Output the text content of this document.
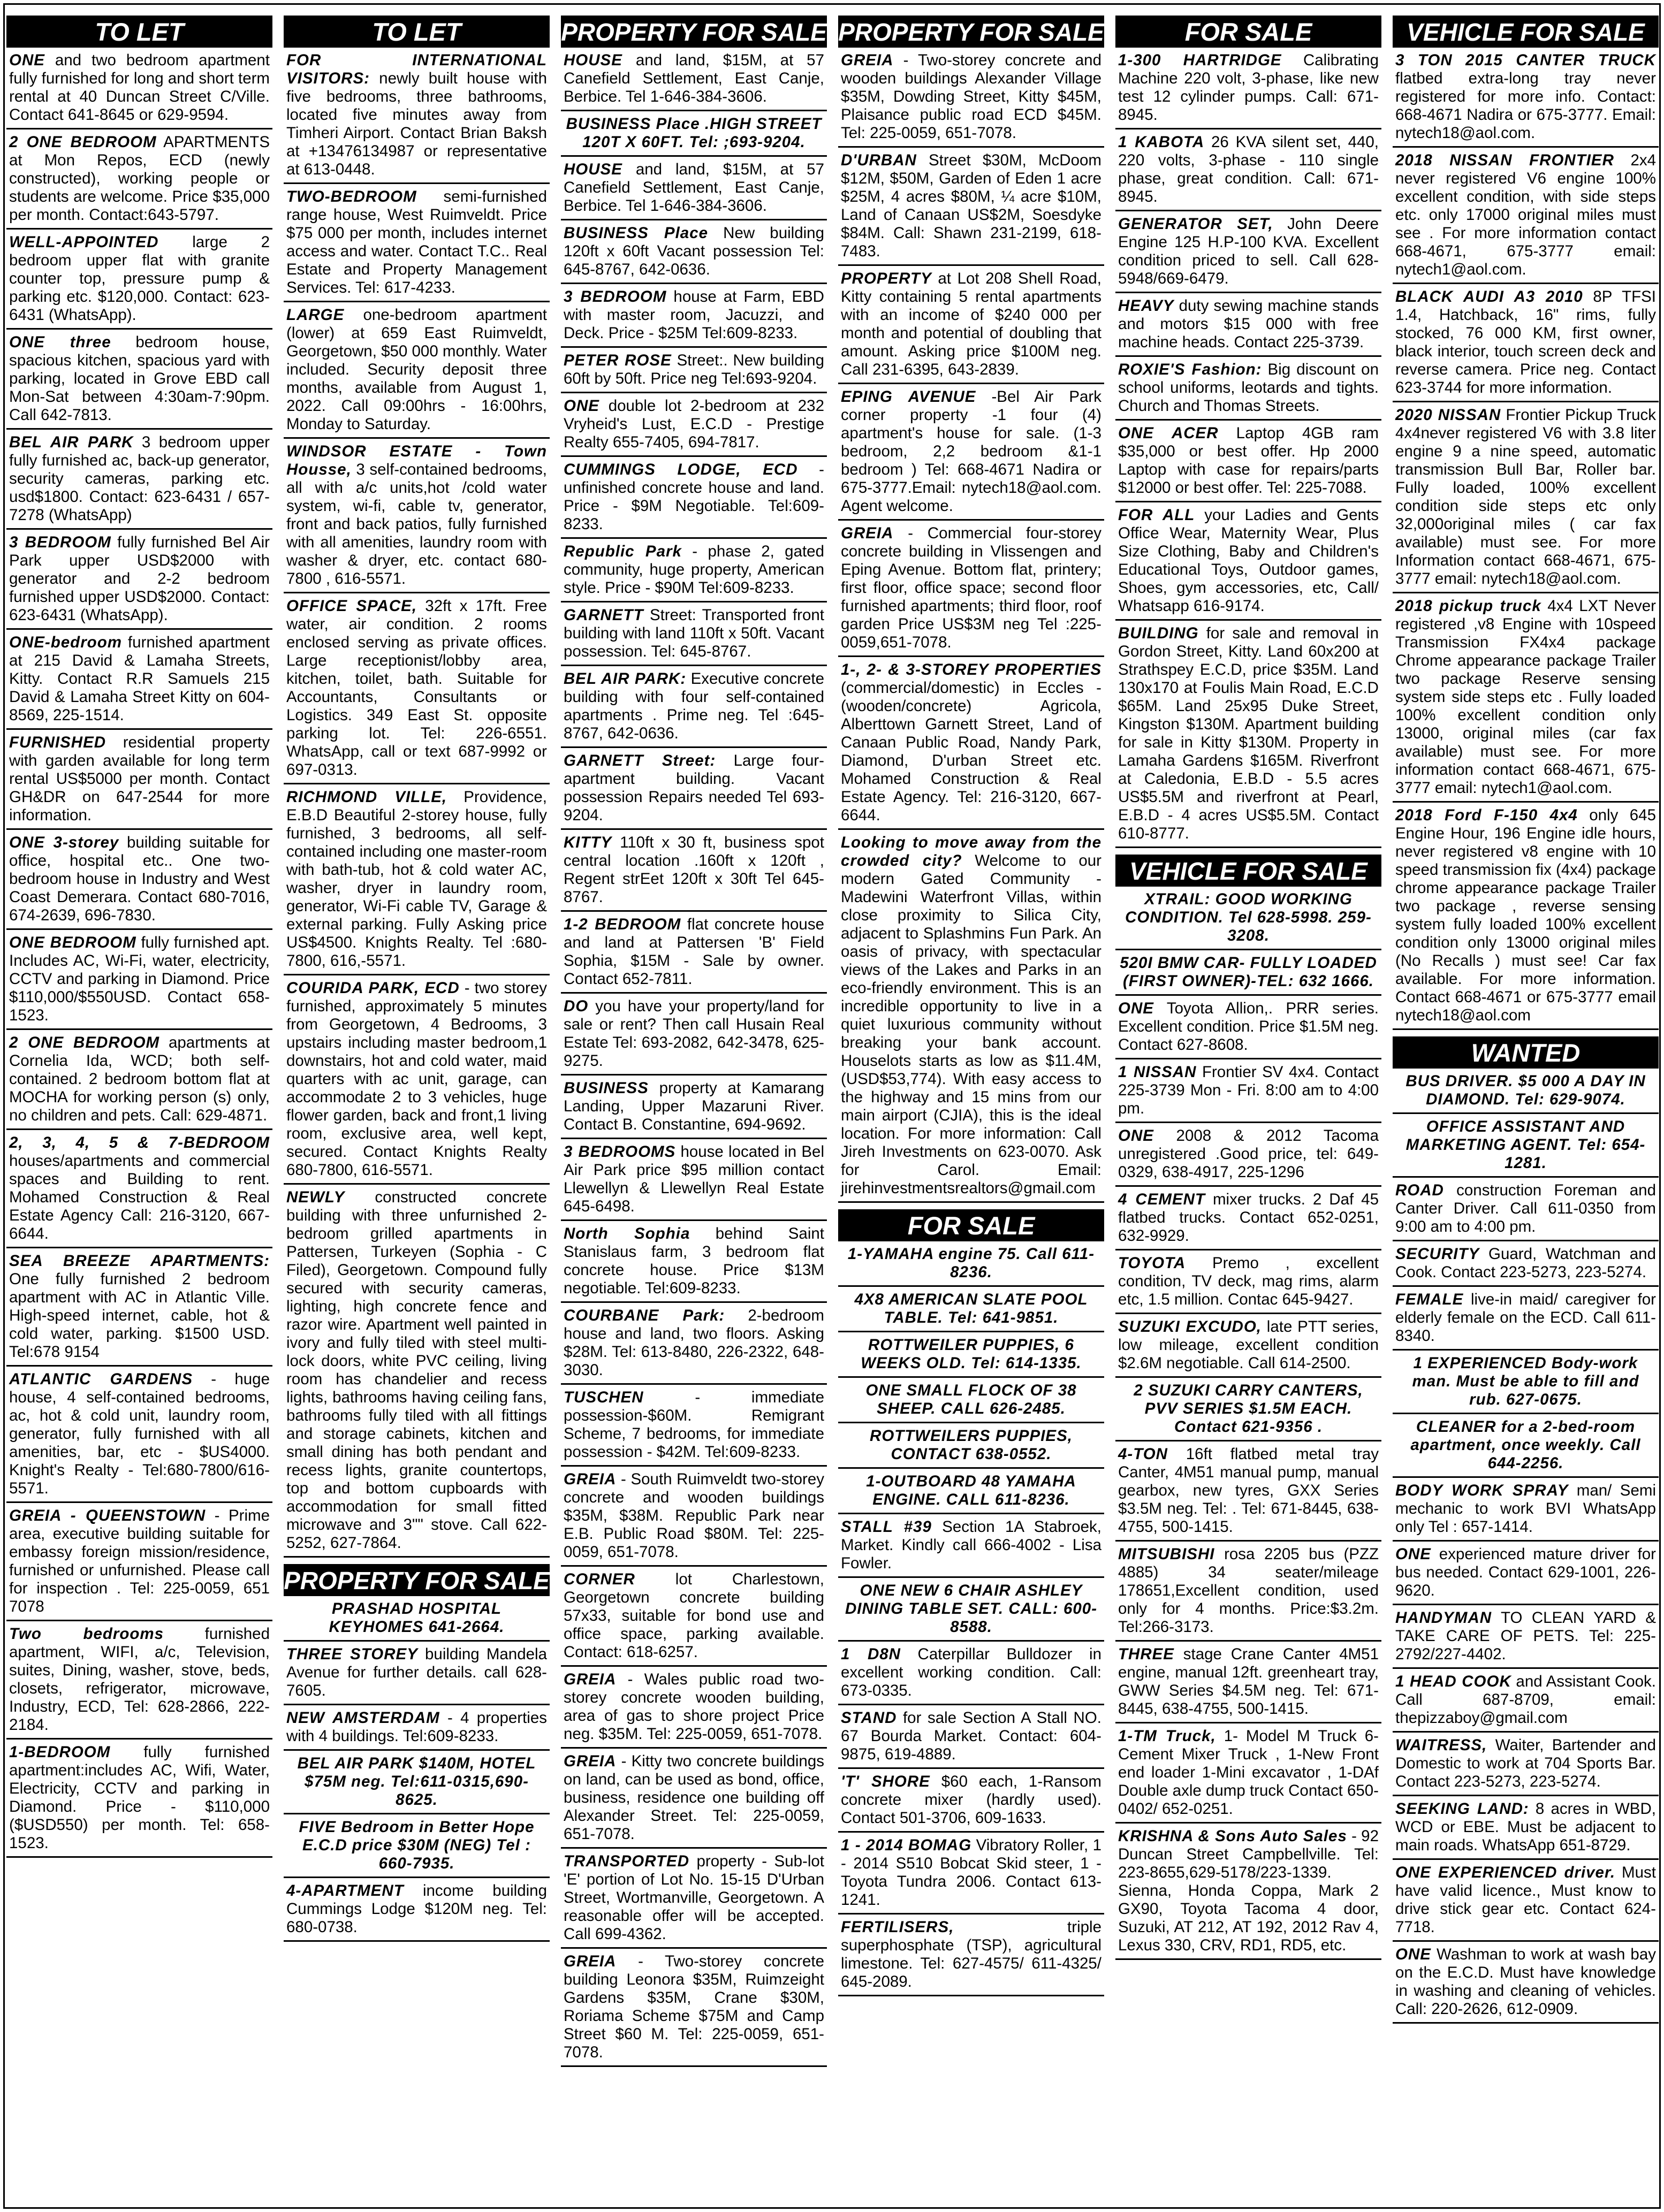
TO LET
ONE and two bedroom apartment fully furnished for long and short term rental at 40 Duncan Street C/Ville. Contact 641-8645 or 629-9594.
2 ONE BEDROOM APARTMENTS at Mon Repos, ECD (newly constructed), working people or students are welcome. Price $35,000 per month. Contact:643-5797.
WELL-APPOINTED large 2 bedroom upper flat with granite counter top, pressure pump & parking etc. $120,000. Contact: 623-6431 (WhatsApp).
ONE three bedroom house, spacious kitchen, spacious yard with parking, located in Grove EBD call Mon-Sat between 4:30am-7:90pm. Call 642-7813.
BEL AIR PARK 3 bedroom upper fully furnished ac, back-up generator, security cameras, parking etc. usd$1800. Contact: 623-6431 / 657-7278 (WhatsApp)
3 BEDROOM fully furnished Bel Air Park upper USD$2000 with generator and 2-2 bedroom furnished upper USD$2000. Contact: 623-6431 (WhatsApp).
ONE-bedroom furnished apartment at 215 David & Lamaha Streets, Kitty. Contact R.R Samuels 215 David & Lamaha Street Kitty on 604-8569, 225-1514.
FURNISHED residential property with garden available for long term rental US$5000 per month. Contact GH&DR on 647-2544 for more information.
ONE 3-storey building suitable for office, hospital etc.. One two-bedroom house in Industry and West Coast Demerara. Contact 680-7016, 674-2639, 696-7830.
ONE BEDROOM fully furnished apt. Includes AC, Wi-Fi, water, electricity, CCTV and parking in Diamond. Price $110,000/$550USD. Contact 658-1523.
2 ONE BEDROOM apartments at Cornelia Ida, WCD; both self-contained. 2 bedroom bottom flat at MOCHA for working person (s) only, no children and pets. Call: 629-4871.
2, 3, 4, 5 & 7-BEDROOM houses/apartments and commercial spaces and Building to rent. Mohamed Construction & Real Estate Agency Call: 216-3120, 667-6644.
SEA BREEZE APARTMENTS: One fully furnished 2 bedroom apartment with AC in Atlantic Ville. High-speed internet, cable, hot & cold water, parking. $1500 USD. Tel:678 9154
ATLANTIC GARDENS - huge house, 4 self-contained bedrooms, ac, hot & cold unit, laundry room, generator, fully furnished with all amenities, bar, etc - $US4000. Knight's Realty - Tel:680-7800/616-5571.
GREIA - QUEENSTOWN - Prime area, executive building suitable for embassy foreign mission/residence, furnished or unfurnished. Please call for inspection . Tel: 225-0059, 651 7078
Two bedrooms	furnished apartment, WIFI, a/c, Television, suites, Dining, washer, stove, beds, closets, refrigerator, microwave, Industry, ECD, Tel: 628-2866, 222-2184.
1-BEDROOM fully furnished apartment:includes AC, Wifi, Water, Electricity, CCTV and parking in Diamond. Price - $110,000 ($USD550) per month. Tel: 658-1523.
TO LET
FOR INTERNATIONAL VISITORS: newly built house with five bedrooms, three bathrooms, located five minutes away from Timheri Airport. Contact Brian Baksh at +13476134987 or representative at 613-0448.
TWO-BEDROOM semi-furnished range house, West Ruimveldt. Price $75 000 per month, includes internet access and water. Contact T.C.. Real Estate and Property Management Services. Tel: 617-4233.
LARGE one-bedroom apartment (lower) at 659 East Ruimveldt, Georgetown, $50 000 monthly. Water included. Security deposit three months, available from August 1, 2022. Call 09:00hrs - 16:00hrs, Monday to Saturday.
WINDSOR ESTATE - Town Housse, 3 self-contained bedrooms, all with a/c units,hot /cold water system, wi-fi, cable tv, generator, front and back patios, fully furnished with all amenities, laundry room with washer & dryer, etc. contact 680-7800 , 616-5571.
OFFICE SPACE, 32ft x 17ft. Free water, air condition. 2 rooms enclosed serving as private offices. Large receptionist/lobby area, kitchen, toilet, bath. Suitable for Accountants, Consultants or Logistics. 349 East St. opposite parking lot. Tel: 226-6551. WhatsApp, call or text 687-9992 or 697-0313.
RICHMOND VILLE, Providence, E.B.D Beautiful 2-storey house, fully furnished, 3 bedrooms, all self-contained including one master-room with bath-tub, hot & cold water AC, washer, dryer in laundry room, generator, Wi-Fi cable TV, Garage & external parking. Fully Asking price US$4500. Knights Realty. Tel :680-7800, 616,-5571.
COURIDA PARK, ECD - two storey furnished, approximately 5 minutes from Georgetown, 4 Bedrooms, 3 upstairs including master bedroom,1 downstairs, hot and cold water, maid quarters with ac unit, garage, can accommodate 2 to 3 vehicles, huge flower garden, back and front,1 living room, exclusive area, well kept, secured. Contact Knights Realty 680-7800, 616-5571.
NEWLY constructed concrete building with three unfurnished 2-bedroom grilled apartments in Pattersen, Turkeyen (Sophia - C Filed), Georgetown. Compound fully secured with security cameras, lighting, high concrete fence and razor wire. Apartment well painted in ivory and fully tiled with steel multi-lock doors, white PVC ceiling, living room has chandelier and recess lights, bathrooms having ceiling fans, bathrooms fully tiled with all fittings and storage cabinets, kitchen and small dining has both pendant and recess lights, granite countertops, top and bottom cupboards with accommodation for small fitted microwave and 3"" stove. Call 622-5252, 627-7864.
PROPERTY FOR SALE
PRASHAD HOSPITAL KEYHOMES 641-2664.
THREE STOREY building Mandela Avenue for further details. call 628-7605.
NEW AMSTERDAM - 4 properties with 4 buildings. Tel:609-8233.
BEL AIR PARK $140M, HOTEL $75M neg. Tel:611-0315,690-8625.
FIVE Bedroom in Better Hope E.C.D price $30M (NEG) Tel : 660-7935.
4-APARTMENT income building Cummings Lodge $120M neg. Tel: 680-0738.
PROPERTY FOR SALE
HOUSE and land, $15M, at 57 Canefield Settlement, East Canje, Berbice. Tel 1-646-384-3606.
BUSINESS Place .HIGH STREET 120T X 60FT. Tel: ;693-9204.
HOUSE and land, $15M, at 57 Canefield Settlement, East Canje, Berbice. Tel 1-646-384-3606.
BUSINESS Place New building 120ft x 60ft Vacant possession Tel: 645-8767, 642-0636.
3 BEDROOM house at Farm, EBD with master room, Jacuzzi, and Deck. Price - $25M Tel:609-8233.
PETER ROSE Street:. New building 60ft by 50ft. Price neg Tel:693-9204.
ONE double lot 2-bedroom at 232 Vryheid's Lust, E.C.D - Prestige Realty 655-7405, 694-7817.
CUMMINGS LODGE, ECD - unfinished concrete house and land. Price - $9M Negotiable. Tel:609-8233.
Republic Park - phase 2, gated community, huge property, American style. Price - $90M Tel:609-8233.
GARNETT Street: Transported front building with land 110ft x 50ft. Vacant possession. Tel: 645-8767.
BEL AIR PARK: Executive concrete building with four self-contained apartments . Prime neg. Tel :645-8767, 642-0636.
GARNETT Street: Large four-apartment building. Vacant possession Repairs needed Tel 693-9204.
KITTY 110ft x 30 ft, business spot central location .160ft x 120ft , Regent strEet 120ft x 30ft Tel 645-8767.
1-2 BEDROOM flat concrete house and land at Pattersen 'B' Field Sophia, $15M - Sale by owner. Contact 652-7811.
DO you have your property/land for sale or rent? Then call Husain Real Estate Tel: 693-2082, 642-3478, 625-9275.
BUSINESS property at Kamarang Landing, Upper Mazaruni River. Contact B. Constantine, 694-9692.
3 BEDROOMS house located in Bel Air Park price $95 million contact Llewellyn & Llewellyn Real Estate 645-6498.
North Sophia behind Saint Stanislaus farm, 3 bedroom flat concrete house. Price $13M negotiable. Tel:609-8233.
COURBANE Park: 2-bedroom house and land, two floors. Asking $28M. Tel: 613-8480, 226-2322, 648-3030.
TUSCHEN	- immediate possession-$60M. Remigrant Scheme, 7 bedrooms, for immediate possession - $42M. Tel:609-8233.
GREIA - South Ruimveldt two-storey concrete and wooden buildings $35M, $38M. Republic Park near E.B. Public Road $80M. Tel: 225-0059, 651-7078.
CORNER	lot Charlestown, Georgetown concrete building 57x33, suitable for bond use and office space, parking available. Contact: 618-6257.
GREIA - Wales public road two-storey concrete wooden building, area of gas to shore project Price neg. $35M. Tel: 225-0059, 651-7078.
GREIA - Kitty two concrete buildings on land, can be used as bond, office, business, residence one building off Alexander Street. Tel: 225-0059, 651-7078.
TRANSPORTED property - Sub-lot 'E' portion of Lot No. 15-15 D'Urban Street, Wortmanville, Georgetown. A reasonable offer will be accepted. Call 699-4362.
GREIA - Two-storey concrete building Leonora $35M, Ruimzeight Gardens $35M, Crane $30M, Roriama Scheme $75M and Camp Street $60 M. Tel: 225-0059, 651-7078.
PROPERTY FOR SALE
GREIA - Two-storey concrete and wooden buildings Alexander Village $35M, Dowding Street, Kitty $45M, Plaisance public road ECD $45M. Tel: 225-0059, 651-7078.
D'URBAN Street $30M, McDoom $12M, $50M, Garden of Eden 1 acre $25M, 4 acres $80M, ¼ acre $10M, Land of Canaan US$2M, Soesdyke $84M. Call: Shawn 231-2199, 618-7483.
PROPERTY at Lot 208 Shell Road, Kitty containing 5 rental apartments with an income of $240 000 per month and potential of doubling that amount. Asking price $100M neg. Call 231-6395, 643-2839.
EPING AVENUE -Bel Air Park corner property -1 four (4) apartment's house for sale. (1-3 bedroom, 2,2 bedroom &1-1 bedroom ) Tel: 668-4671 Nadira or 675-3777.Email: nytech18@aol.com. Agent welcome.
GREIA - Commercial four-storey concrete building in Vlissengen and Eping Avenue. Bottom flat, printery; first floor, office space; second floor furnished apartments; third floor, roof garden Price US$3M neg Tel :225-0059,651-7078.
1-, 2- & 3-STOREY PROPERTIES (commercial/domestic) in Eccles - (wooden/concrete) Agricola, Alberttown Garnett Street, Land of Canaan Public Road, Nandy Park, Diamond, D'urban Street etc. Mohamed Construction & Real Estate Agency. Tel: 216-3120, 667-6644.
Looking to move away from the crowded city? Welcome to our modern Gated Community - Madewini Waterfront Villas, within close proximity to Silica City, adjacent to Splashmins Fun Park. An oasis of privacy, with spectacular views of the Lakes and Parks in an eco-friendly environment. This is an incredible opportunity to live in a quiet luxurious community without breaking your bank account. Houselots starts as low as $11.4M, (USD$53,774). With easy access to the highway and 15 mins from our main airport (CJIA), this is the ideal location. For more information: Call Jireh Investments on 623-0070. Ask for Carol. Email: jirehinvestmentsrealtors@gmail.com
FOR SALE
1-YAMAHA engine 75. Call 611-8236.
4X8 AMERICAN SLATE POOL TABLE. Tel: 641-9851.
ROTTWEILER PUPPIES, 6 WEEKS OLD. Tel: 614-1335.
ONE SMALL FLOCK OF 38 SHEEP. CALL 626-2485.
ROTTWEILERS PUPPIES, CONTACT 638-0552.
1-OUTBOARD 48 YAMAHA ENGINE. CALL 611-8236.
STALL #39 Section 1A Stabroek, Market. Kindly call 666-4002 - Lisa Fowler.
ONE NEW 6 CHAIR ASHLEY DINING TABLE SET. CALL: 600-8588.
1 D8N Caterpillar Bulldozer in excellent working condition. Call: 673-0335.
STAND for sale Section A Stall NO. 67 Bourda Market. Contact: 604-9875, 619-4889.
'T' SHORE $60 each, 1-Ransom concrete mixer (hardly used). Contact 501-3706, 609-1633.
1 - 2014 BOMAG Vibratory Roller, 1 - 2014 S510 Bobcat Skid steer, 1 - Toyota Tundra 2006. Contact 613-1241.
FERTILISERS,	triple superphosphate (TSP), agricultural limestone. Tel: 627-4575/ 611-4325/ 645-2089.
FOR SALE
1-300 HARTRIDGE Calibrating Machine 220 volt, 3-phase, like new test 12 cylinder pumps. Call: 671-8945.
1 KABOTA 26 KVA silent set, 440, 220 volts, 3-phase - 110 single phase, great condition. Call: 671-8945.
GENERATOR SET, John Deere Engine 125 H.P-100 KVA. Excellent condition priced to sell. Call 628-5948/669-6479.
HEAVY duty sewing machine stands and motors $15 000 with free machine heads. Contact 225-3739.
ROXIE'S Fashion: Big discount on school uniforms, leotards and tights. Church and Thomas Streets.
ONE ACER Laptop 4GB ram $35,000 or best offer. Hp 2000 Laptop with case for repairs/parts $12000 or best offer. Tel: 225-7088.
FOR ALL your Ladies and Gents Office Wear, Maternity Wear, Plus Size Clothing, Baby and Children's Educational Toys, Outdoor games, Shoes, gym accessories, etc, Call/ Whatsapp 616-9174.
BUILDING for sale and removal in Gordon Street, Kitty. Land 60x200 at Strathspey E.C.D, price $35M. Land 130x170 at Foulis Main Road, E.C.D $65M. Land 25x95 Duke Street, Kingston $130M. Apartment building for sale in Kitty $130M. Property in Lamaha Gardens $165M. Riverfront at Caledonia, E.B.D - 5.5 acres US$5.5M and riverfront at Pearl, E.B.D - 4 acres US$5.5M. Contact 610-8777.
VEHICLE FOR SALE
XTRAIL: GOOD WORKING CONDITION. Tel 628-5998. 259-3208.
520I BMW CAR- FULLY LOADED (FIRST OWNER)-TEL: 632 1666.
ONE Toyota Allion,. PRR series. Excellent condition. Price $1.5M neg. Contact 627-8608.
1 NISSAN Frontier SV 4x4. Contact 225-3739 Mon - Fri. 8:00 am to 4:00 pm.
ONE 2008 & 2012 Tacoma unregistered .Good price, tel: 649-0329, 638-4917, 225-1296
4 CEMENT mixer trucks. 2 Daf 45 flatbed trucks. Contact 652-0251, 632-9929.
TOYOTA Premo , excellent condition, TV deck, mag rims, alarm etc, 1.5 million. Contac 645-9427.
SUZUKI EXCUDO, late PTT series, low mileage, excellent condition $2.6M negotiable. Call 614-2500.
2 SUZUKI CARRY CANTERS, PVV SERIES $1.5M EACH. Contact 621-9356 .
4-TON 16ft flatbed metal tray Canter, 4M51 manual pump, manual gearbox, new tyres, GXX Series $3.5M neg. Tel: . Tel: 671-8445, 638-4755, 500-1415.
MITSUBISHI rosa 2205 bus (PZZ 4885) 34 seater/mileage 178651,Excellent condition, used only for 4 months. Price:$3.2m. Tel:266-3173.
THREE stage Crane Canter 4M51 engine, manual 12ft. greenheart tray, GWW Series $4.5M neg. Tel: 671-8445, 638-4755, 500-1415.
1-TM Truck, 1- Model M Truck 6-Cement Mixer Truck , 1-New Front end loader 1-Mini excavator , 1-DAf Double axle dump truck Contact 650-0402/ 652-0251.
KRISHNA & Sons Auto Sales - 92 Duncan Street Campbellville. Tel: 223-8655,629-5178/223-1339. Sienna, Honda Coppa, Mark 2 GX90, Toyota Tacoma 4 door, Suzuki, AT 212, AT 192, 2012 Rav 4, Lexus 330, CRV, RD1, RD5, etc.
VEHICLE FOR SALE
3 TON 2015 CANTER TRUCK flatbed extra-long tray never registered for more info. Contact: 668-4671 Nadira or 675-3777. Email: nytech18@aol.com.
2018 NISSAN FRONTIER 2x4 never registered V6 engine 100% excellent condition, with side steps etc. only 17000 original miles must see . For more information contact 668-4671, 675-3777 email: nytech1@aol.com.
BLACK AUDI A3 2010 8P TFSI 1.4, Hatchback, 16" rims, fully stocked, 76 000 KM, first owner, black interior, touch screen deck and reverse camera. Price neg. Contact 623-3744 for more information.
2020 NISSAN Frontier Pickup Truck 4x4never registered V6 with 3.8 liter engine 9 a nine speed, automatic transmission Bull Bar, Roller bar. Fully loaded, 100% excellent condition side steps etc only 32,000original miles ( car fax available) must see. For more Information contact 668-4671, 675-3777 email: nytech18@aol.com.
2018 pickup truck 4x4 LXT Never registered ,v8 Engine with 10speed Transmission FX4x4 package Chrome appearance package Trailer two package Reserve sensing system side steps etc . Fully loaded 100% excellent condition only 13000, original miles (car fax available) must see. For more information contact 668-4671, 675-3777 email: nytech1@aol.com.
2018 Ford F-150 4x4 only 645 Engine Hour, 196 Engine idle hours, never registered v8 engine with 10 speed transmission fix (4x4) package chrome appearance package Trailer two package , reverse sensing system fully loaded 100% excellent condition only 13000 original miles (No Recalls ) must see! Car fax available. For more information. Contact 668-4671 or 675-3777 email nytech18@aol.com
WANTED
BUS DRIVER. $5 000 A DAY IN DIAMOND. Tel: 629-9074.
OFFICE ASSISTANT AND MARKETING AGENT. Tel: 654-1281.
ROAD construction Foreman and Canter Driver. Call 611-0350 from 9:00 am to 4:00 pm.
SECURITY Guard, Watchman and Cook. Contact 223-5273, 223-5274.
FEMALE live-in maid/ caregiver for elderly female on the ECD. Call 611-8340.
1 EXPERIENCED Body-work man. Must be able to fill and rub. 627-0675.
CLEANER for a 2-bed-room apartment, once weekly. Call 644-2256.
BODY WORK SPRAY man/ Semi mechanic to work BVI WhatsApp only Tel : 657-1414.
ONE experienced mature driver for bus needed. Contact 629-1001, 226-9620.
HANDYMAN TO CLEAN YARD & TAKE CARE OF PETS. Tel: 225-2792/227-4402.
1 HEAD COOK and Assistant Cook. Call 687-8709, email: thepizzaboy@gmail.com
WAITRESS, Waiter, Bartender and Domestic to work at 704 Sports Bar. Contact 223-5273, 223-5274.
SEEKING LAND: 8 acres in WBD, WCD or EBE. Must be adjacent to main roads. WhatsApp 651-8729.
ONE EXPERIENCED driver. Must have valid licence., Must know to drive stick gear etc. Contact 624-7718.
ONE Washman to work at wash bay on the E.C.D. Must have knowledge in washing and cleaning of vehicles. Call: 220-2626, 612-0909.
